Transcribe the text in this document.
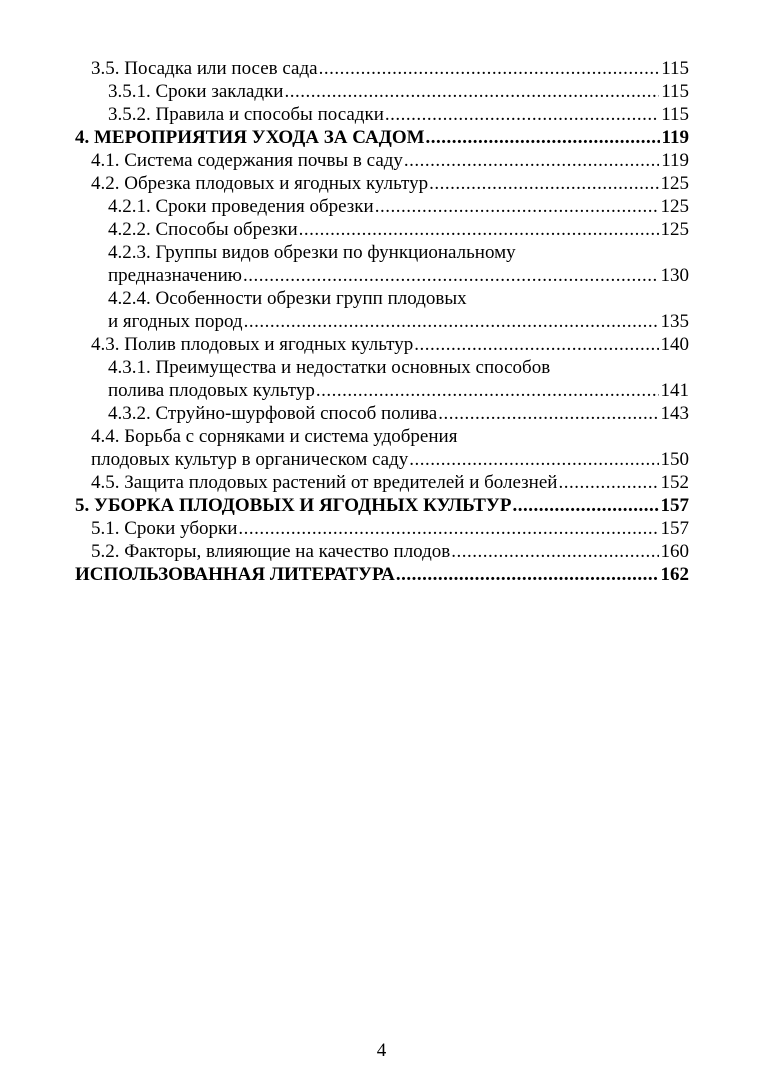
3.5. Посадка или посев сада .....	115
3.5.1. Сроки закладки .....	115
3.5.2. Правила и способы посадки .....	115
4. МЕРОПРИЯТИЯ УХОДА ЗА САДОМ .....	119
4.1. Система содержания почвы в саду .....	119
4.2. Обрезка плодовых и ягодных культур .....	125
4.2.1. Сроки проведения обрезки .....	125
4.2.2. Способы обрезки .....	125
4.2.3. Группы видов обрезки по функциональному
предназначению .....	130
4.2.4. Особенности обрезки групп плодовых
и ягодных пород .....	135
4.3. Полив плодовых и ягодных культур .....	140
4.3.1. Преимущества и недостатки основных способов
полива плодовых культур .....	141
4.3.2. Струйно-шурфовой способ полива .....	143
4.4. Борьба с сорняками и система удобрения
плодовых культур в органическом саду .....	150
4.5. Защита плодовых растений от вредителей и болезней .....	152
5. УБОРКА ПЛОДОВЫХ И ЯГОДНЫХ КУЛЬТУР .....	157
5.1. Сроки уборки .....	157
5.2. Факторы, влияющие на качество плодов .....	160
ИСПОЛЬЗОВАННАЯ ЛИТЕРАТУРА .....	162
4
